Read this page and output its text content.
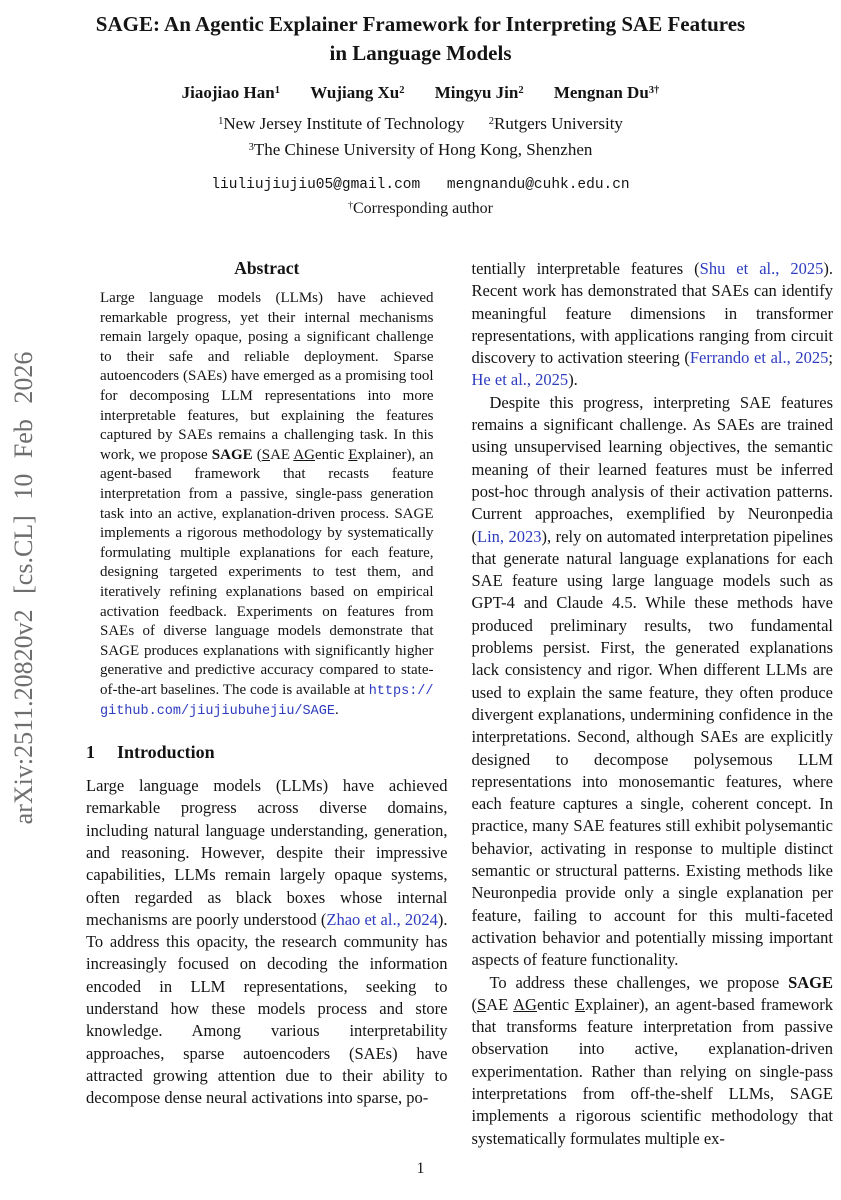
arXiv:2511.20820v2 [cs.CL] 10 Feb 2026
SAGE: An Agentic Explainer Framework for Interpreting SAE Features
in Language Models
Jiaojiao Han$^1$ Wujiang Xu$^2$ Mingyu Jin$^2$ Mengnan $Du^{3\dagger}$
$^1$New Jersey Institute of Technology $^2$Rutgers University
$^3$The Chinese University of Hong Kong, Shenzhen
liuliujiujiu05@gmail.com mengnandu@cuhk.edu.cn
†Corresponding author
Abstract

Large language models (LLMs) have achieved remarkable progress, yet their internal mechanisms remain largely opaque, posing a significant challenge to their safe and reliable deployment. Sparse autoencoders (SAEs) have emerged as a promising tool for decomposing LLM representations into more interpretable features, but explaining the features captured by SAEs remains a challenging task. In this work, we propose SAGE (SAE AGentic Explainer), an agent-based framework that recasts feature interpretation from a passive, single-pass generation task into an active, explanation-driven process. SAGE implements a rigorous methodology by systematically formulating multiple explanations for each feature, designing targeted experiments to test them, and iteratively refining explanations based on empirical activation feedback. Experiments on features from SAEs of diverse language models demonstrate that SAGE produces explanations with significantly higher generative and predictive accuracy compared to state-of-the-art baselines. The code is available at https://github.com/jiujiubuhejiu/SAGE.

1 Introduction

Large language models (LLMs) have achieved remarkable progress across diverse domains, including natural language understanding, generation, and reasoning. However, despite their impressive capabilities, LLMs remain largely opaque systems, often regarded as black boxes whose internal mechanisms are poorly understood (Zhao et al., 2024). To address this opacity, the research community has increasingly focused on decoding the information encoded in LLM representations, seeking to understand how these models process and store knowledge. Among various interpretability approaches, sparse autoencoders (SAEs) have attracted growing attention due to their ability to decompose dense neural activations into sparse, po-

tentially interpretable features (Shu et al., 2025). Recent work has demonstrated that SAEs can identify meaningful feature dimensions in transformer representations, with applications ranging from circuit discovery to activation steering (Ferrando et al., 2025; He et al., 2025).

Despite this progress, interpreting SAE features remains a significant challenge. As SAEs are trained using unsupervised learning objectives, the semantic meaning of their learned features must be inferred post-hoc through analysis of their activation patterns. Current approaches, exemplified by Neuronpedia (Lin, 2023), rely on automated interpretation pipelines that generate natural language explanations for each SAE feature using large language models such as GPT-4 and Claude 4.5. While these methods have produced preliminary results, two fundamental problems persist. First, the generated explanations lack consistency and rigor. When different LLMs are used to explain the same feature, they often produce divergent explanations, undermining confidence in the interpretations. Second, although SAEs are explicitly designed to decompose polysemous LLM representations into monosemantic features, where each feature captures a single, coherent concept. In practice, many SAE features still exhibit polysemantic behavior, activating in response to multiple distinct semantic or structural patterns. Existing methods like Neuronpedia provide only a single explanation per feature, failing to account for this multi-faceted activation behavior and potentially missing important aspects of feature functionality.

To address these challenges, we propose SAGE (SAE AGentic Explainer), an agent-based framework that transforms feature interpretation from passive observation into active, explanation-driven experimentation. Rather than relying on single-pass interpretations from off-the-shelf LLMs, SAGE implements a rigorous scientific methodology that systematically formulates multiple ex-

1
